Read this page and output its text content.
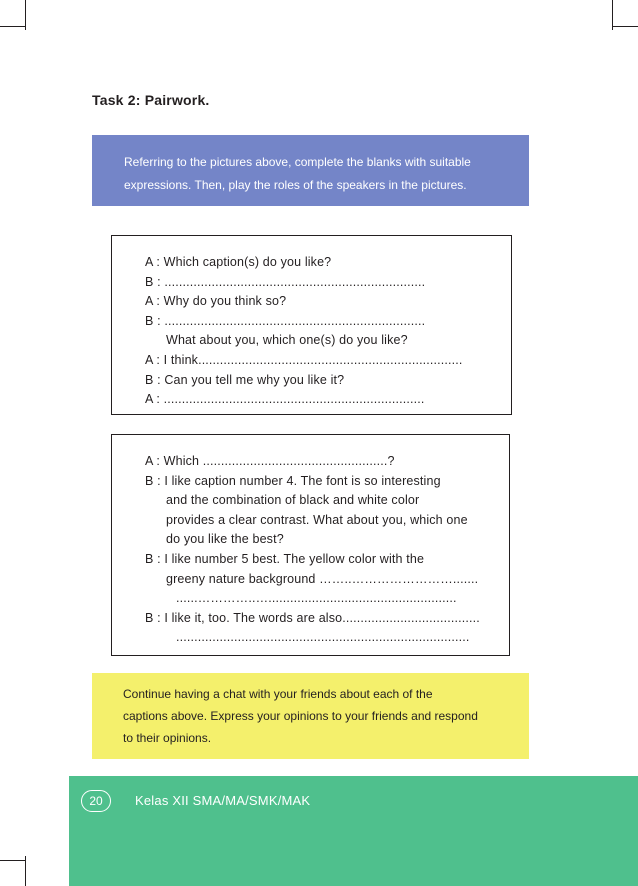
Task 2: Pairwork.

Referring to the pictures above, complete the blanks with suitable

expressions. Then, play the roles of the speakers in the pictures.

A : Which caption(s) do you like?
B : ........................................................................
A : Why do you think so?
B : ........................................................................
What about you, which one(s) do you like?
A : I think.........................................................................
B : Can you tell me why you like it?
A : ........................................................................
A : Which ...................................................?
B : I like caption number 4. The font is so interesting
and the combination of black and white color
provides a clear contrast. What about you, which one
do you like the best?
B : I like number 5 best. The yellow color with the
greeny nature background ……..…………………….......
......…………..…....................................................
B : I like it, too. The words are also......................................
.................................................................................

Continue having a chat with your friends about each of the

captions above. Express your opinions to your friends and respond

to their opinions.

20	Kelas XII SMA/MA/SMK/MAK
